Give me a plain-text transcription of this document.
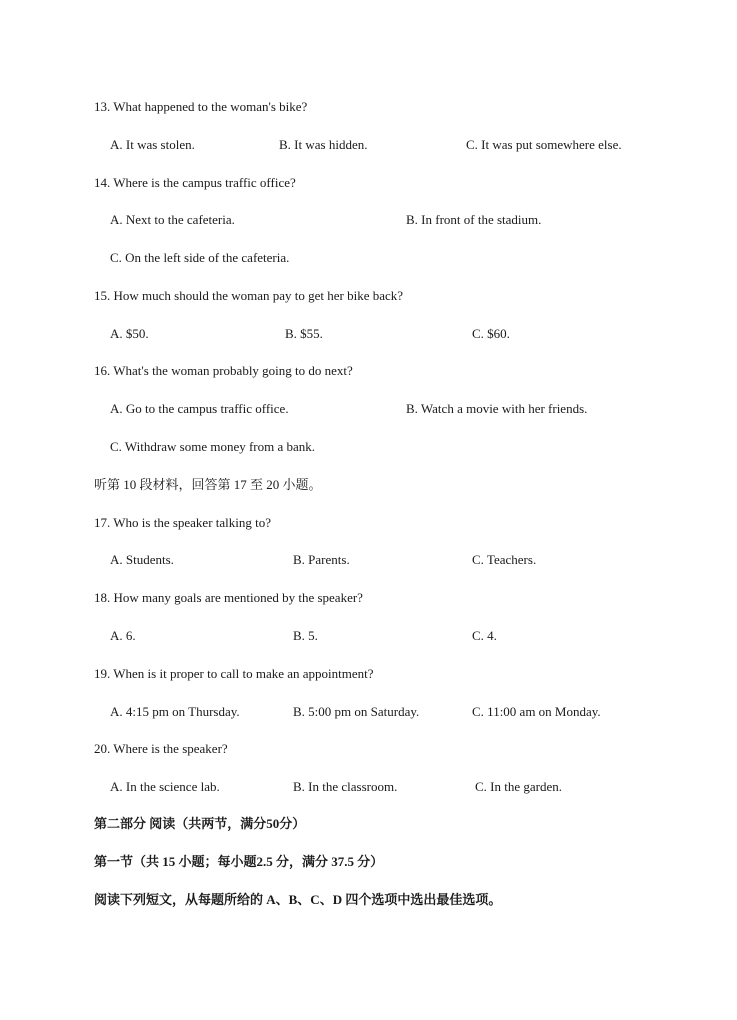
13. What happened to the woman's bike?
A. It was stolen.	B. It was hidden.	C. It was put somewhere else.
14. Where is the campus traffic office?
A. Next to the cafeteria.	B. In front of the stadium.
C. On the left side of the cafeteria.
15. How much should the woman pay to get her bike back?
A. $50.	B. $55.	C. $60.
16. What's the woman probably going to do next?
A. Go to the campus traffic office.	B. Watch a movie with her friends.
C. Withdraw some money from a bank.
听第 10 段材料，回答第 17 至 20 小题。
17. Who is the speaker talking to?
A. Students.	B. Parents.	C. Teachers.
18. How many goals are mentioned by the speaker?
A. 6.	B. 5.	C. 4.
19. When is it proper to call to make an appointment?
A. 4:15 pm on Thursday.	B. 5:00 pm on Saturday.	C. 11:00 am on Monday.
20. Where is the speaker?
A. In the science lab.	B. In the classroom.	C. In the garden.
第二部分 阅读（共两节，满分50分）
第一节（共 15 小题；每小题2.5 分，满分 37.5 分）
阅读下列短文，从每题所给的 A、B、C、D 四个选项中选出最佳选项。
